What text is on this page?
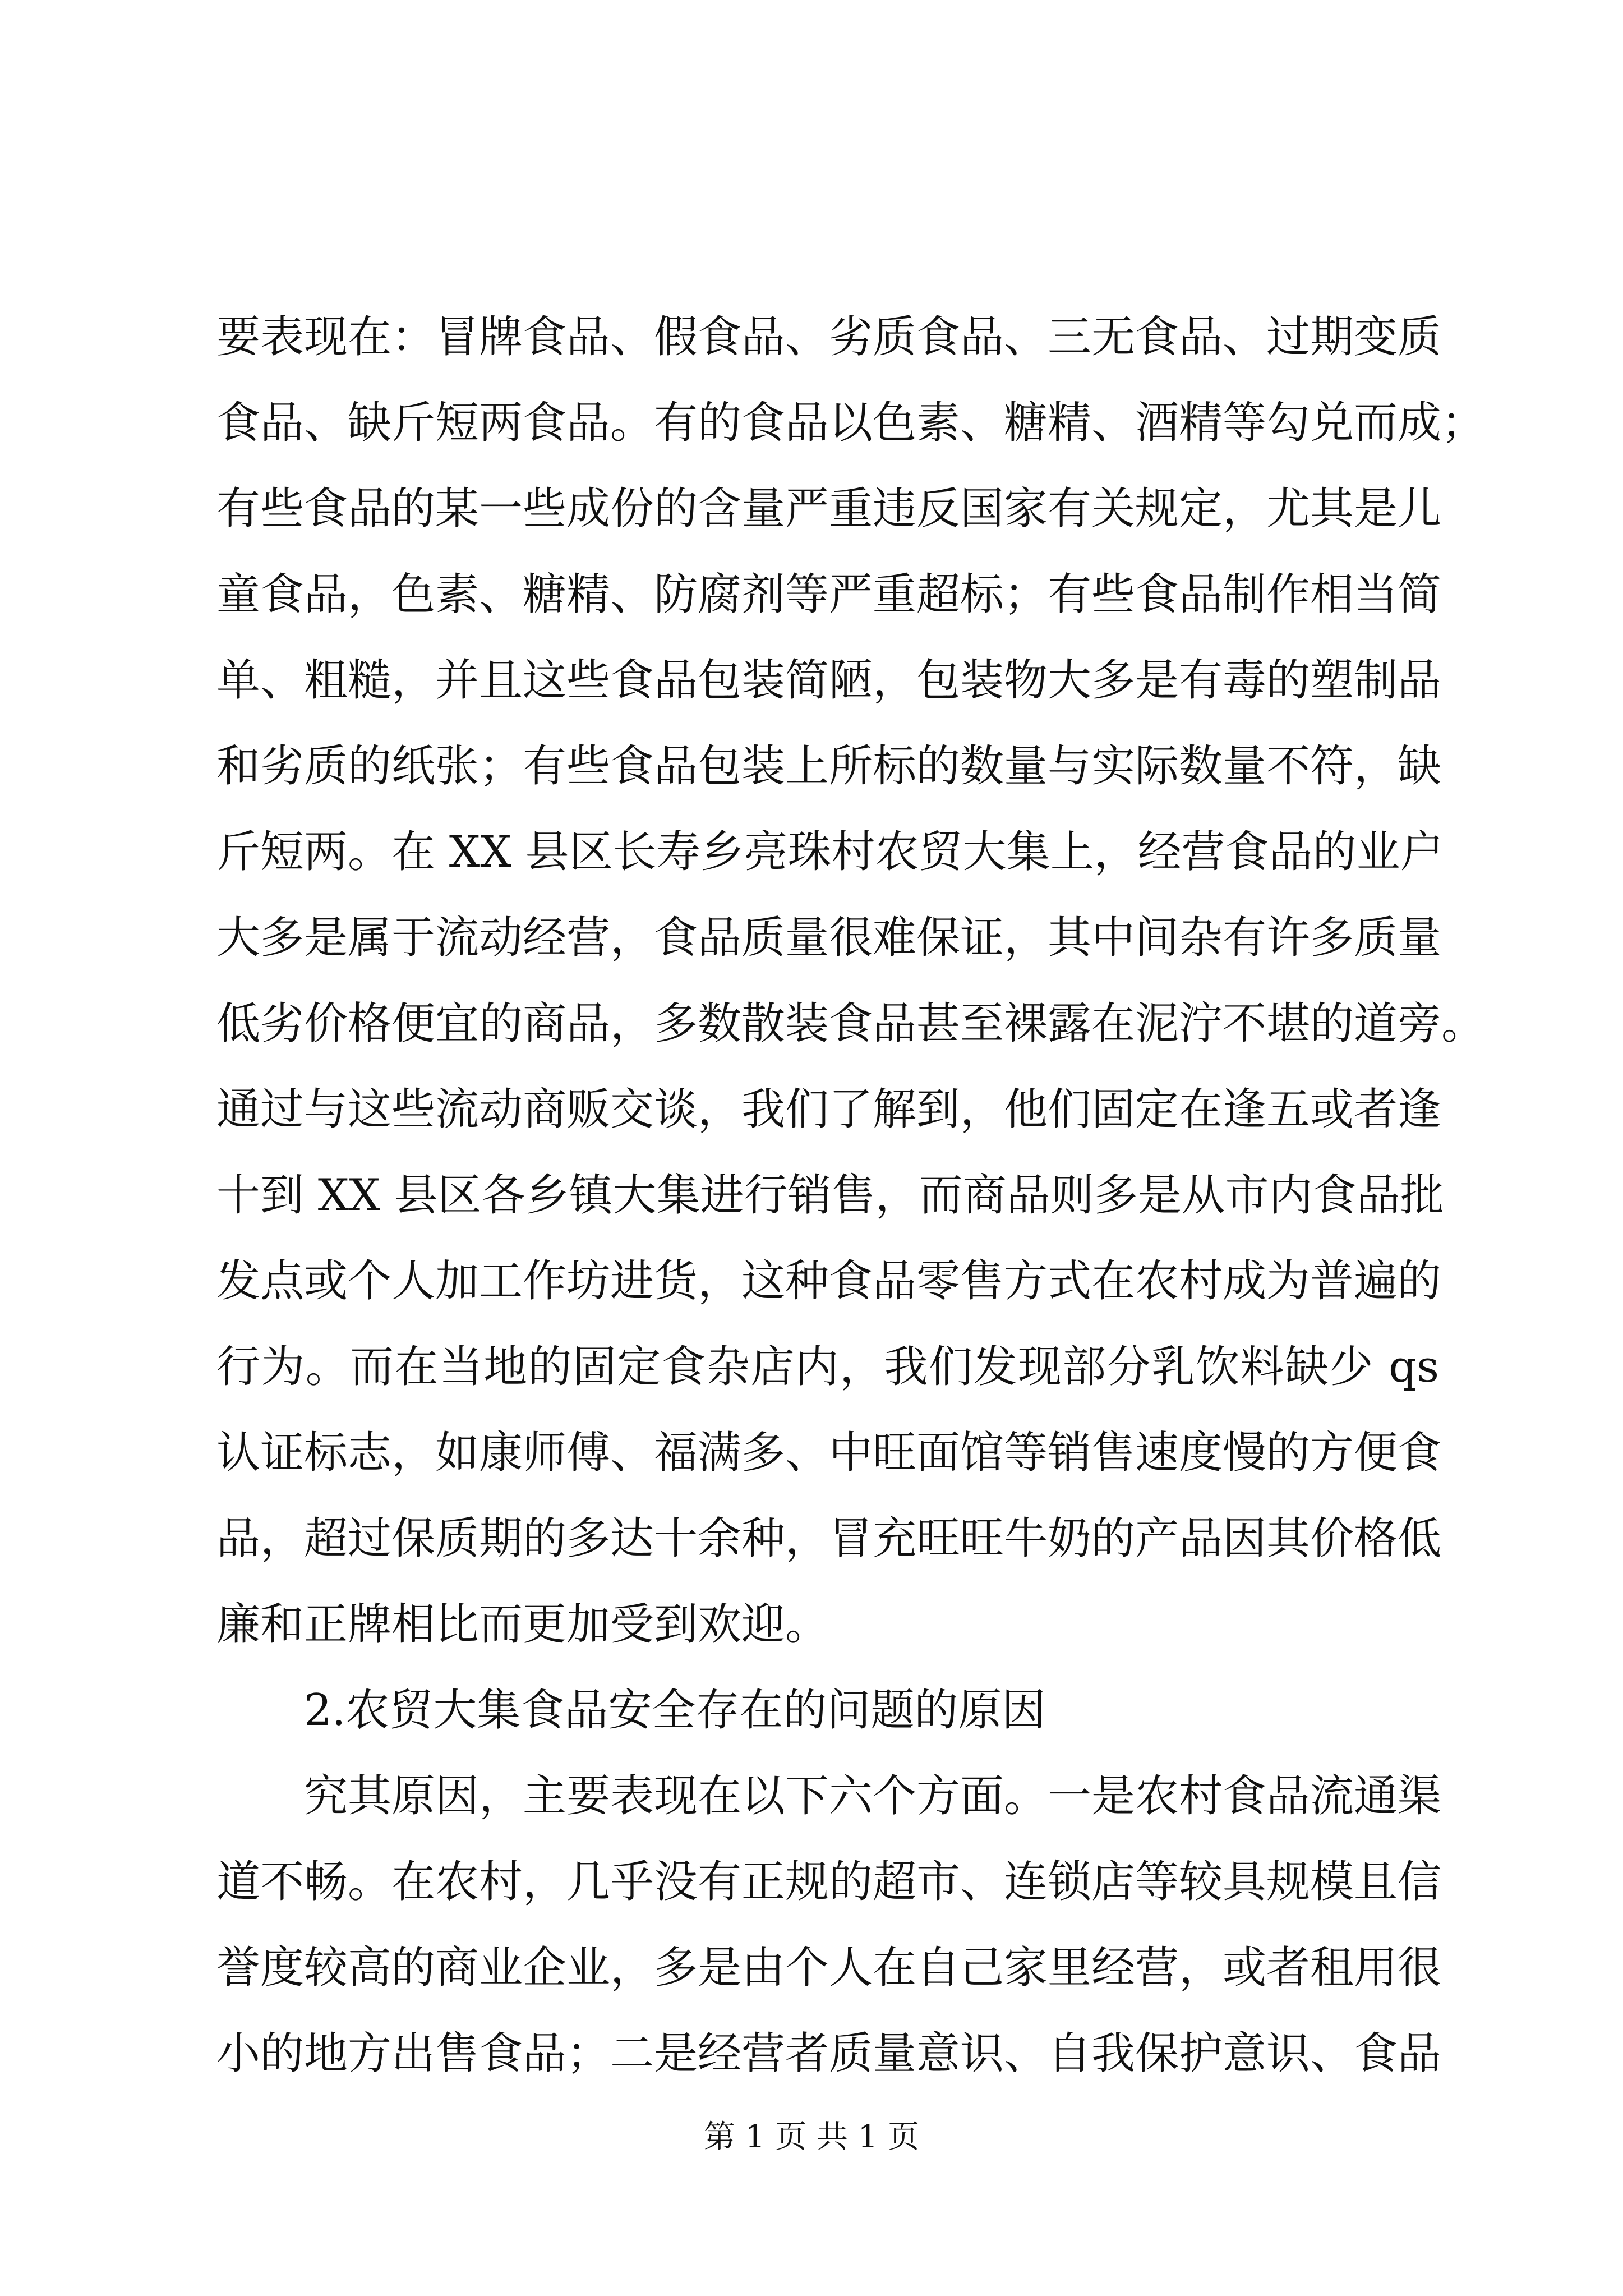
要表现在：冒牌食品、假食品、劣质食品、三无食品、过期变质
食品、缺斤短两食品。有的食品以色素、糖精、酒精等勾兑而成；
有些食品的某一些成份的含量严重违反国家有关规定，尤其是儿
童食品，色素、糖精、防腐剂等严重超标；有些食品制作相当简
单、粗糙，并且这些食品包装简陋，包装物大多是有毒的塑制品
和劣质的纸张；有些食品包装上所标的数量与实际数量不符，缺
斤短两。在 XX 县区长寿乡亮珠村农贸大集上，经营食品的业户
大多是属于流动经营，食品质量很难保证，其中间杂有许多质量
低劣价格便宜的商品，多数散装食品甚至裸露在泥泞不堪的道旁。
通过与这些流动商贩交谈，我们了解到，他们固定在逢五或者逢
十到 XX 县区各乡镇大集进行销售，而商品则多是从市内食品批
发点或个人加工作坊进货，这种食品零售方式在农村成为普遍的
行为。而在当地的固定食杂店内，我们发现部分乳饮料缺少 qs
认证标志，如康师傅、福满多、中旺面馆等销售速度慢的方便食
品，超过保质期的多达十余种，冒充旺旺牛奶的产品因其价格低
廉和正牌相比而更加受到欢迎。
2.农贸大集食品安全存在的问题的原因
究其原因，主要表现在以下六个方面。一是农村食品流通渠
道不畅。在农村，几乎没有正规的超市、连锁店等较具规模且信
誉度较高的商业企业，多是由个人在自己家里经营，或者租用很
小的地方出售食品；二是经营者质量意识、自我保护意识、食品
第 1 页 共 1 页
